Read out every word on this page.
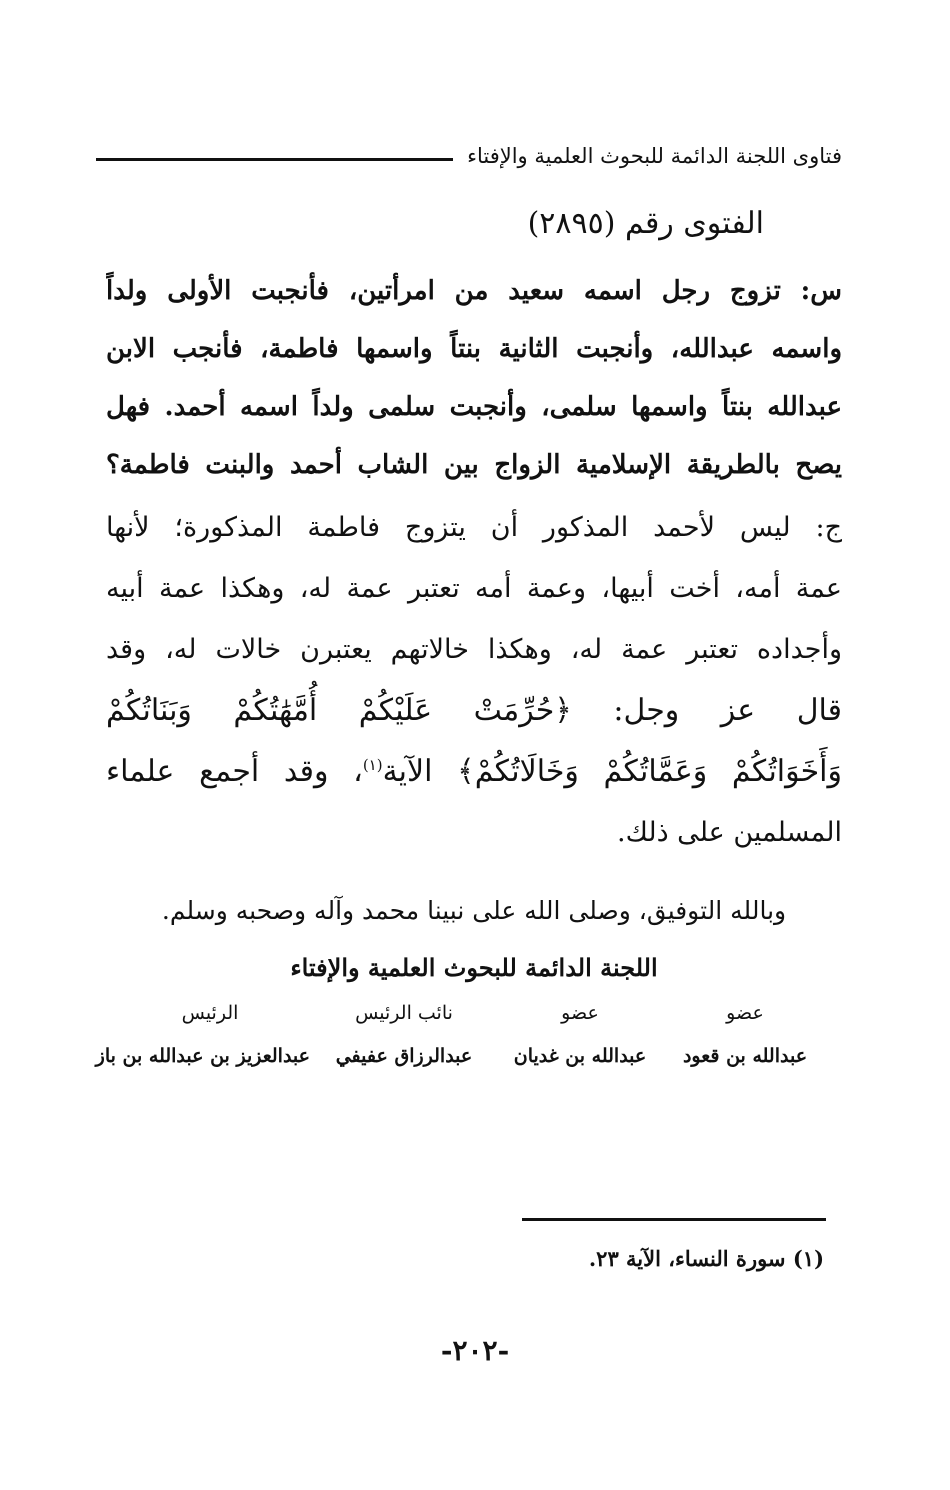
فتاوى اللجنة الدائمة للبحوث العلمية والإفتاء
الفتوى رقم (٢٨٩٥)
س: تزوج رجل اسمه سعيد من امرأتين، فأنجبت الأولى ولداً
واسمه عبدالله، وأنجبت الثانية بنتاً واسمها فاطمة، فأنجب الابن
عبدالله بنتاً واسمها سلمى، وأنجبت سلمى ولداً اسمه أحمد. فهل
يصح بالطريقة الإسلامية الزواج بين الشاب أحمد والبنت فاطمة؟
ج: ليس لأحمد المذكور أن يتزوج فاطمة المذكورة؛ لأنها
عمة أمه، أخت أبيها، وعمة أمه تعتبر عمة له، وهكذا عمة أبيه
وأجداده تعتبر عمة له، وهكذا خالاتهم يعتبرن خالات له، وقد
قال عز وجل: ﴿حُرِّمَتْ عَلَيْكُمْ أُمَّهَٰتُكُمْ وَبَنَاتُكُمْ
وَأَخَوَاتُكُمْ وَعَمَّاتُكُمْ وَخَالَاتُكُمْ﴾ الآية$^{(١)}$، وقد أجمع علماء
المسلمين على ذلك.
وبالله التوفيق، وصلى الله على نبينا محمد وآله وصحبه وسلم.
اللجنة الدائمة للبحوث العلمية والإفتاء
عضو
عبدالله بن قعود
عضو
عبدالله بن غديان
نائب الرئيس
عبدالرزاق عفيفي
الرئيس
عبدالعزيز بن عبدالله بن باز
(١) سورة النساء، الآية ٢٣.
-٢٠٢-
